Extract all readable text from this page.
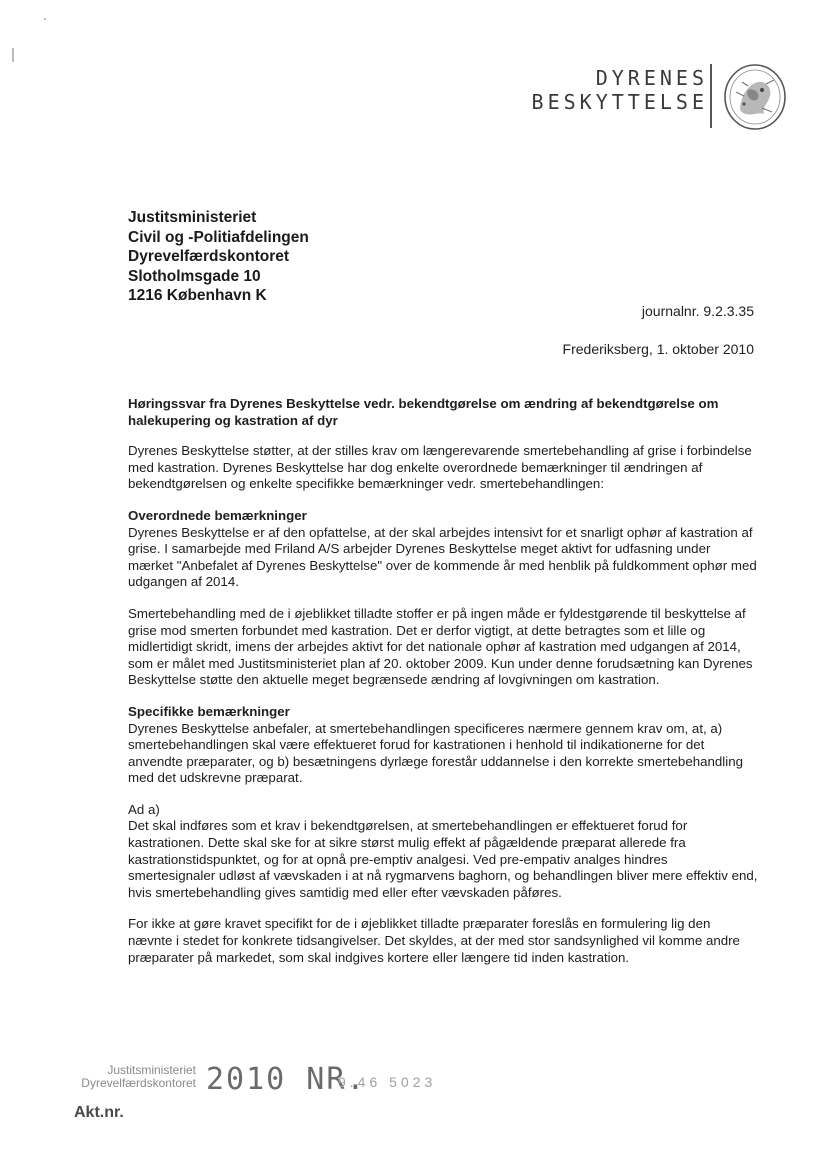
DYRENES
BESKYTTELSE
Justitsministeriet
Civil og -Politiafdelingen
Dyrevelfærdskontoret
Slotholmsgade 10
1216 København K
journalnr. 9.2.3.35
Frederiksberg, 1. oktober 2010

Høringssvar fra Dyrenes Beskyttelse vedr. bekendtgørelse om ændring af bekendtgørelse om halekupering og kastration af dyr

Dyrenes Beskyttelse støtter, at der stilles krav om længerevarende smertebehandling af grise i forbindelse med kastration. Dyrenes Beskyttelse har dog enkelte overordnede bemærkninger til ændringen af bekendtgørelsen og enkelte specifikke bemærkninger vedr. smertebehandlingen:

Overordnede bemærkninger

Dyrenes Beskyttelse er af den opfattelse, at der skal arbejdes intensivt for et snarligt ophør af kastration af grise. I samarbejde med Friland A/S arbejder Dyrenes Beskyttelse meget aktivt for udfasning under mærket "Anbefalet af Dyrenes Beskyttelse" over de kommende år med henblik på fuldkomment ophør med udgangen af 2014.

Smertebehandling med de i øjeblikket tilladte stoffer er på ingen måde er fyldestgørende til beskyttelse af grise mod smerten forbundet med kastration. Det er derfor vigtigt, at dette betragtes som et lille og midlertidigt skridt, imens der arbejdes aktivt for det nationale ophør af kastration med udgangen af 2014, som er målet med Justitsministeriet plan af 20. oktober 2009. Kun under denne forudsætning kan Dyrenes Beskyttelse støtte den aktuelle meget begrænsede ændring af lovgivningen om kastration.

Specifikke bemærkninger

Dyrenes Beskyttelse anbefaler, at smertebehandlingen specificeres nærmere gennem krav om, at, a) smertebehandlingen skal være effektueret forud for kastrationen i henhold til indikationerne for det anvendte præparater, og b) besætningens dyrlæge forestår uddannelse i den korrekte smertebehandling med det udskrevne præparat.

Ad a)

Det skal indføres som et krav i bekendtgørelsen, at smertebehandlingen er effektueret forud for kastrationen. Dette skal ske for at sikre størst mulig effekt af pågældende præparat allerede fra kastrationstidspunktet, og for at opnå pre-emptiv analgesi. Ved pre-empativ analges hindres smertesignaler udløst af vævskaden i at nå rygmarvens baghorn, og behandlingen bliver mere effektiv end, hvis smertebehandling gives samtidig med eller efter vævskaden påføres.

For ikke at gøre kravet specifikt for de i øjeblikket tilladte præparater foreslås en formulering lig den nævnte i stedet for konkrete tidsangivelser. Det skyldes, at der med stor sandsynlighed vil komme andre præparater på markedet, som skal indgives kortere eller længere tid inden kastration.

Justitsministeriet
Dyrevelfærdskontoret 2010 NR.
9.46 5023
Akt.nr.
